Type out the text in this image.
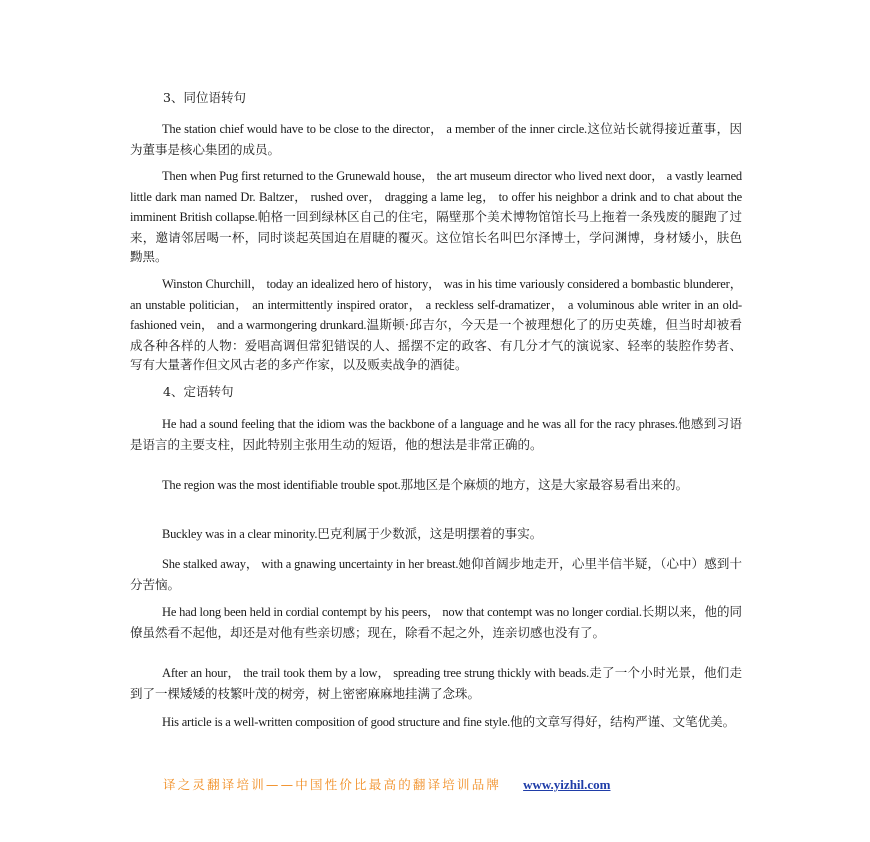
3、同位语转句
The station chief would have to be close to the director， a member of the inner circle.这位站长就得接近董事，因为董事是核心集团的成员。
Then when Pug first returned to the Grunewald house， the art museum director who lived next door， a vastly learned little dark man named Dr. Baltzer， rushed over， dragging a lame leg， to offer his neighbor a drink and to chat about the imminent British collapse.帕格一回到绿林区自己的住宅，隔壁那个美术博物馆馆长马上拖着一条残废的腿跑了过来，邀请邻居喝一杯，同时谈起英国迫在眉睫的覆灭。这位馆长名叫巴尔泽博士，学问渊博，身材矮小，肤色黝黑。
Winston Churchill， today an idealized hero of history， was in his time variously considered a bombastic blunderer， an unstable politician， an intermittently inspired orator， a reckless self-dramatizer， a voluminous able writer in an old-fashioned vein， and a warmongering drunkard.温斯顿·邱吉尔，今天是一个被理想化了的历史英雄，但当时却被看成各种各样的人物：爱唱高调但常犯错误的人、摇摆不定的政客、有几分才气的演说家、轻率的装腔作势者、写有大量著作但文风古老的多产作家，以及贩卖战争的酒徒。
4、定语转句
He had a sound feeling that the idiom was the backbone of a language and he was all for the racy phrases.他感到习语是语言的主要支柱，因此特别主张用生动的短语，他的想法是非常正确的。
The region was the most identifiable trouble spot.那地区是个麻烦的地方，这是大家最容易看出来的。
Buckley was in a clear minority.巴克利属于少数派，这是明摆着的事实。
She stalked away， with a gnawing uncertainty in her breast.她仰首阔步地走开，心里半信半疑，（心中）感到十分苦恼。
He had long been held in cordial contempt by his peers， now that contempt was no longer cordial.长期以来，他的同僚虽然看不起他，却还是对他有些亲切感；现在，除看不起之外，连亲切感也没有了。
After an hour， the trail took them by a low， spreading tree strung thickly with beads.走了一个小时光景，他们走到了一棵矮矮的枝繁叶茂的树旁，树上密密麻麻地挂满了念珠。
His article is a well-written composition of good structure and fine style.他的文章写得好，结构严谨、文笔优美。
译之灵翻译培训——中国性价比最高的翻译培训品牌 www.yizhil.com
